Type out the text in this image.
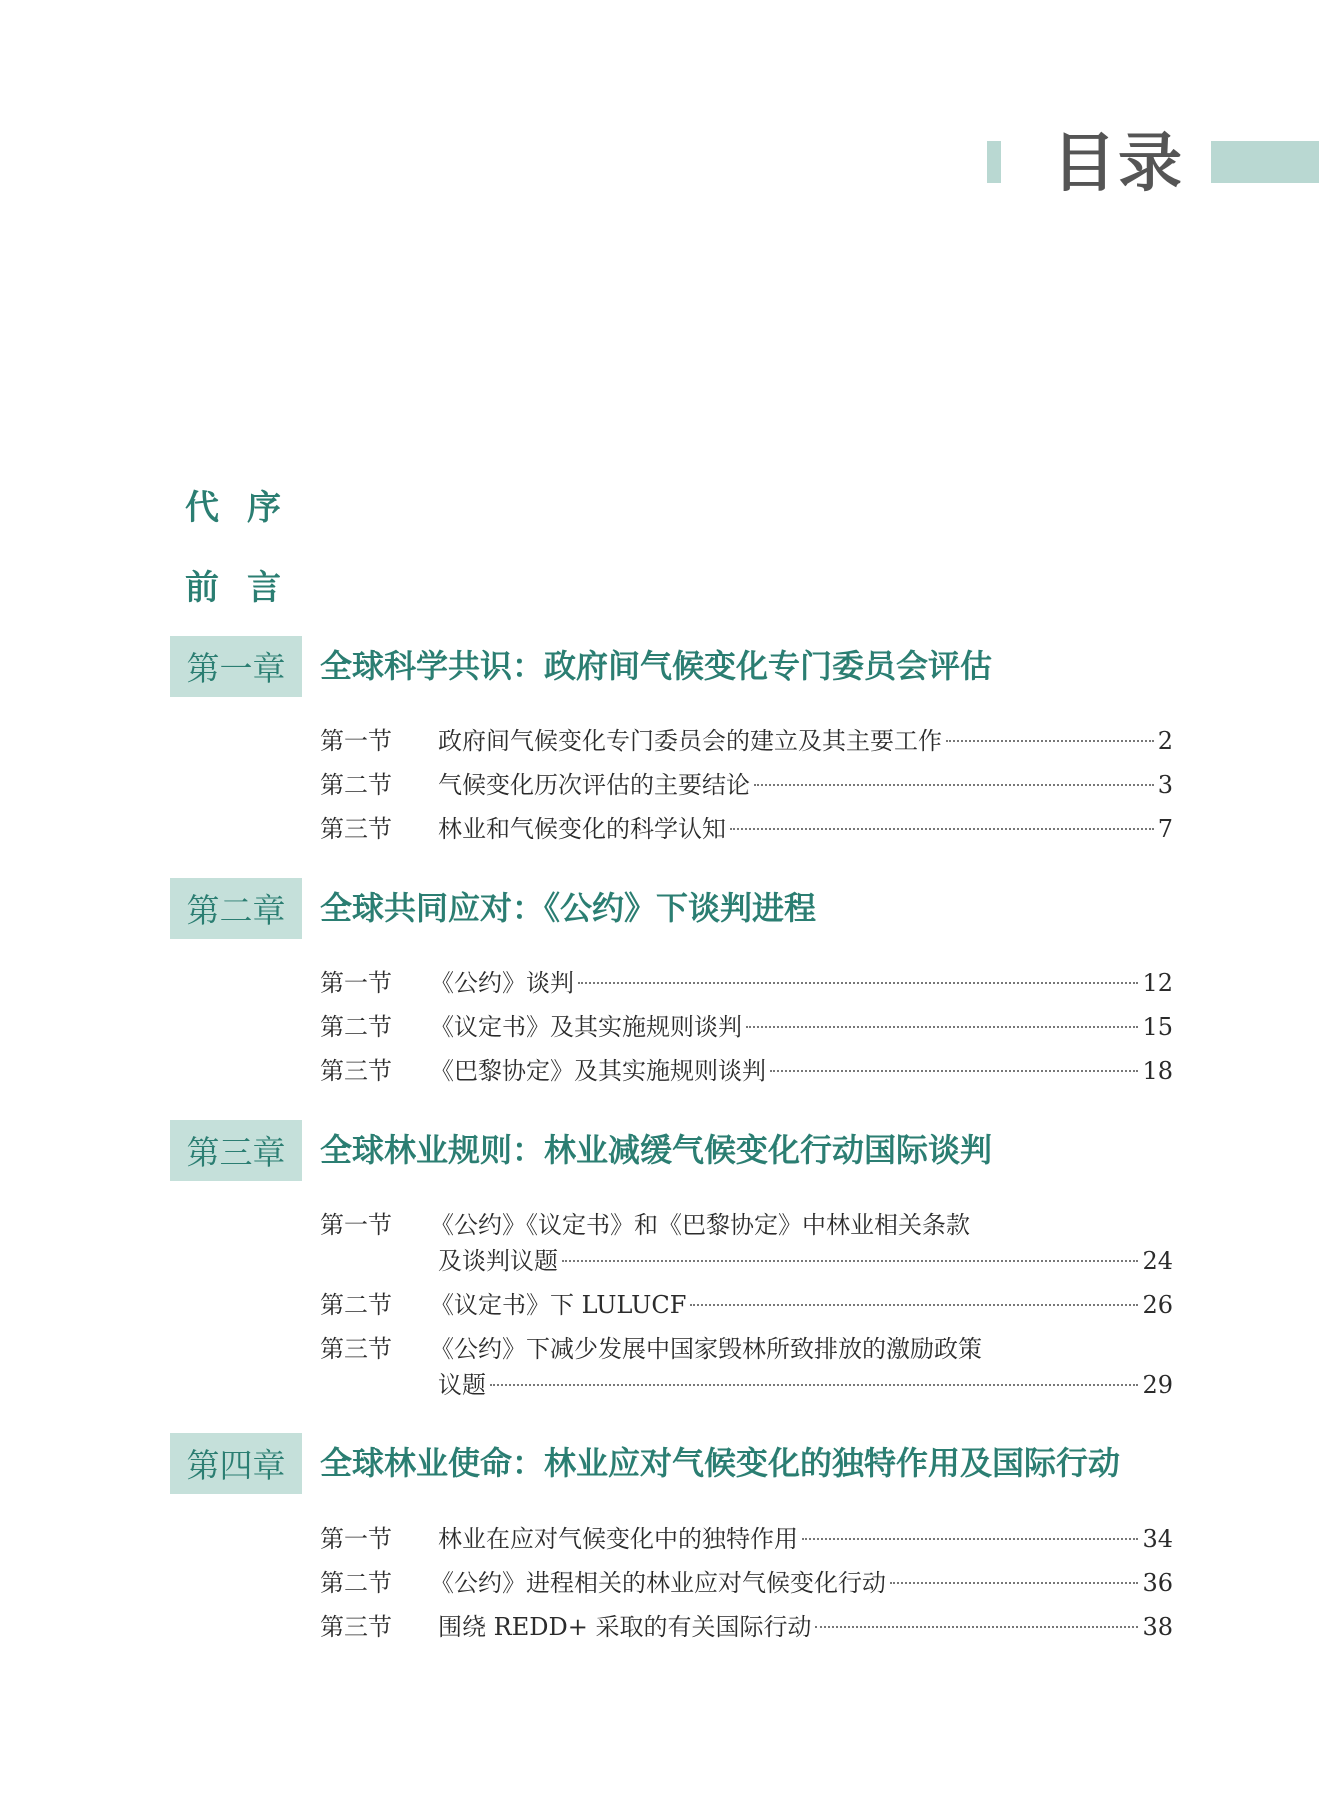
目录
代序
前言
第一章	全球科学共识：政府间气候变化专门委员会评估
第一节 政府间气候变化专门委员会的建立及其主要工作	2
第二节 气候变化历次评估的主要结论	3
第三节 林业和气候变化的科学认知	7
第二章	全球共同应对：《公约》下谈判进程
第一节 《公约》谈判	12
第二节 《议定书》及其实施规则谈判	15
第三节 《巴黎协定》及其实施规则谈判	18
第三章	全球林业规则：林业减缓气候变化行动国际谈判
第一节 《公约》《议定书》和《巴黎协定》中林业相关条款
及谈判议题	24
第二节 《议定书》下 LULUCF	26
第三节 《公约》下减少发展中国家毁林所致排放的激励政策
议题	29
第四章	全球林业使命：林业应对气候变化的独特作用及国际行动
第一节 林业在应对气候变化中的独特作用	34
第二节 《公约》进程相关的林业应对气候变化行动	36
第三节 围绕 REDD+ 采取的有关国际行动	38
